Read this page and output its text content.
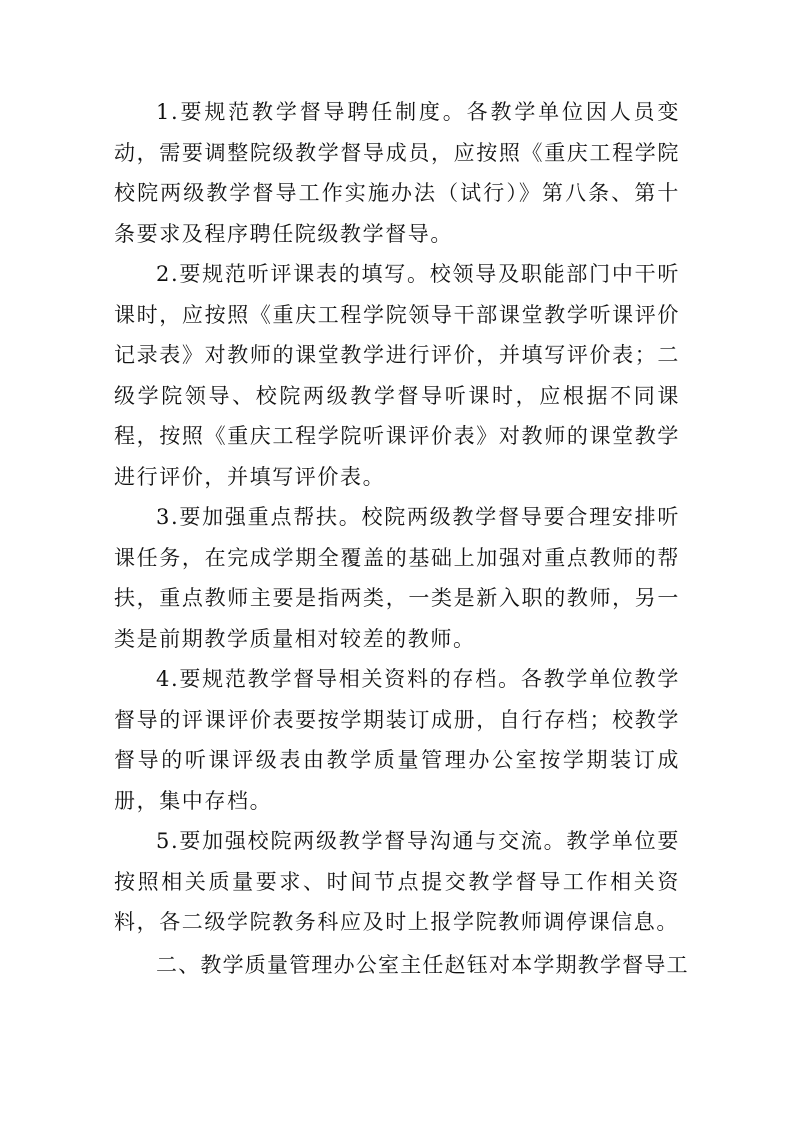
1.要规范教学督导聘任制度。各教学单位因人员变动，需要调整院级教学督导成员，应按照《重庆工程学院校院两级教学督导工作实施办法（试行）》第八条、第十条要求及程序聘任院级教学督导。

2.要规范听评课表的填写。校领导及职能部门中干听课时，应按照《重庆工程学院领导干部课堂教学听课评价记录表》对教师的课堂教学进行评价，并填写评价表；二级学院领导、校院两级教学督导听课时，应根据不同课程，按照《重庆工程学院听课评价表》对教师的课堂教学进行评价，并填写评价表。

3.要加强重点帮扶。校院两级教学督导要合理安排听课任务，在完成学期全覆盖的基础上加强对重点教师的帮扶，重点教师主要是指两类，一类是新入职的教师，另一类是前期教学质量相对较差的教师。

4.要规范教学督导相关资料的存档。各教学单位教学督导的评课评价表要按学期装订成册，自行存档；校教学督导的听课评级表由教学质量管理办公室按学期装订成册，集中存档。

5.要加强校院两级教学督导沟通与交流。教学单位要按照相关质量要求、时间节点提交教学督导工作相关资料，各二级学院教务科应及时上报学院教师调停课信息。

二、教学质量管理办公室主任赵钰对本学期教学督导工
